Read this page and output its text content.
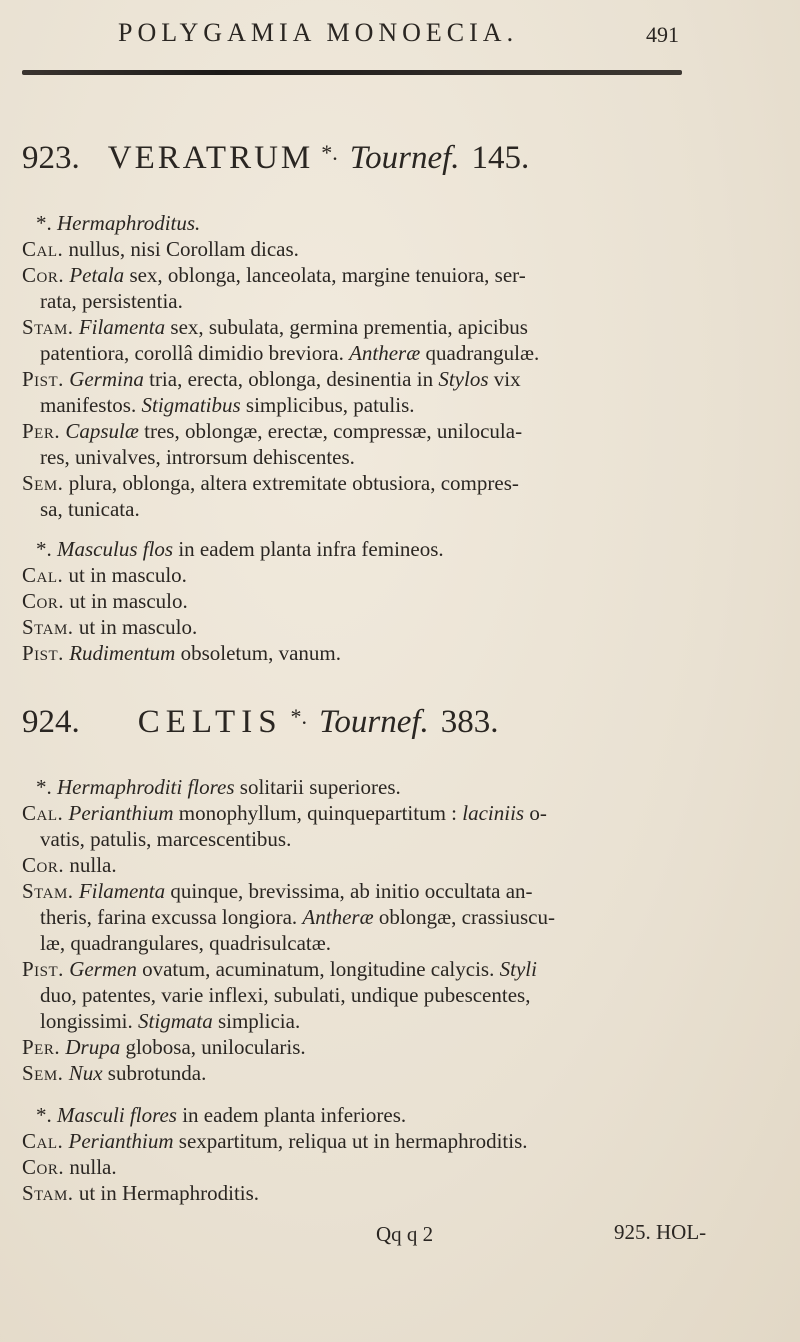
POLYGAMIA MONOECIA.	491
923. VERATRUM *. Tournef. 145.
*. Hermaphroditus.
Cal. nullus, nisi Corollam dicas.
Cor. Petala sex, oblonga, lanceolata, margine tenuiora, ser-
rata, persistentia.
Stam. Filamenta sex, subulata, germina prementia, apicibus
patentiora, corollâ dimidio breviora. Antheræ quadrangulæ.
Pist. Germina tria, erecta, oblonga, desinentia in Stylos vix
manifestos. Stigmatibus simplicibus, patulis.
Per. Capsulæ tres, oblongæ, erectæ, compressæ, unilocula-
res, univalves, introrsum dehiscentes.
Sem. plura, oblonga, altera extremitate obtusiora, compres-
sa, tunicata.
*. Masculus flos in eadem planta infra femineos.
Cal. ut in masculo.
Cor. ut in masculo.
Stam. ut in masculo.
Pist. Rudimentum obsoletum, vanum.
924. CELTIS *. Tournef. 383.
*. Hermaphroditi flores solitarii superiores.
Cal. Perianthium monophyllum, quinquepartitum : laciniis o-
vatis, patulis, marcescentibus.
Cor. nulla.
Stam. Filamenta quinque, brevissima, ab initio occultata an-
theris, farina excussa longiora. Antheræ oblongæ, crassiuscu-
læ, quadrangulares, quadrisulcatæ.
Pist. Germen ovatum, acuminatum, longitudine calycis. Styli
duo, patentes, varie inflexi, subulati, undique pubescentes,
longissimi. Stigmata simplicia.
Per. Drupa globosa, unilocularis.
Sem. Nux subrotunda.
*. Masculi flores in eadem planta inferiores.
Cal. Perianthium sexpartitum, reliqua ut in hermaphroditis.
Cor. nulla.
Stam. ut in Hermaphroditis.
Qq q 2	925. HOL-
